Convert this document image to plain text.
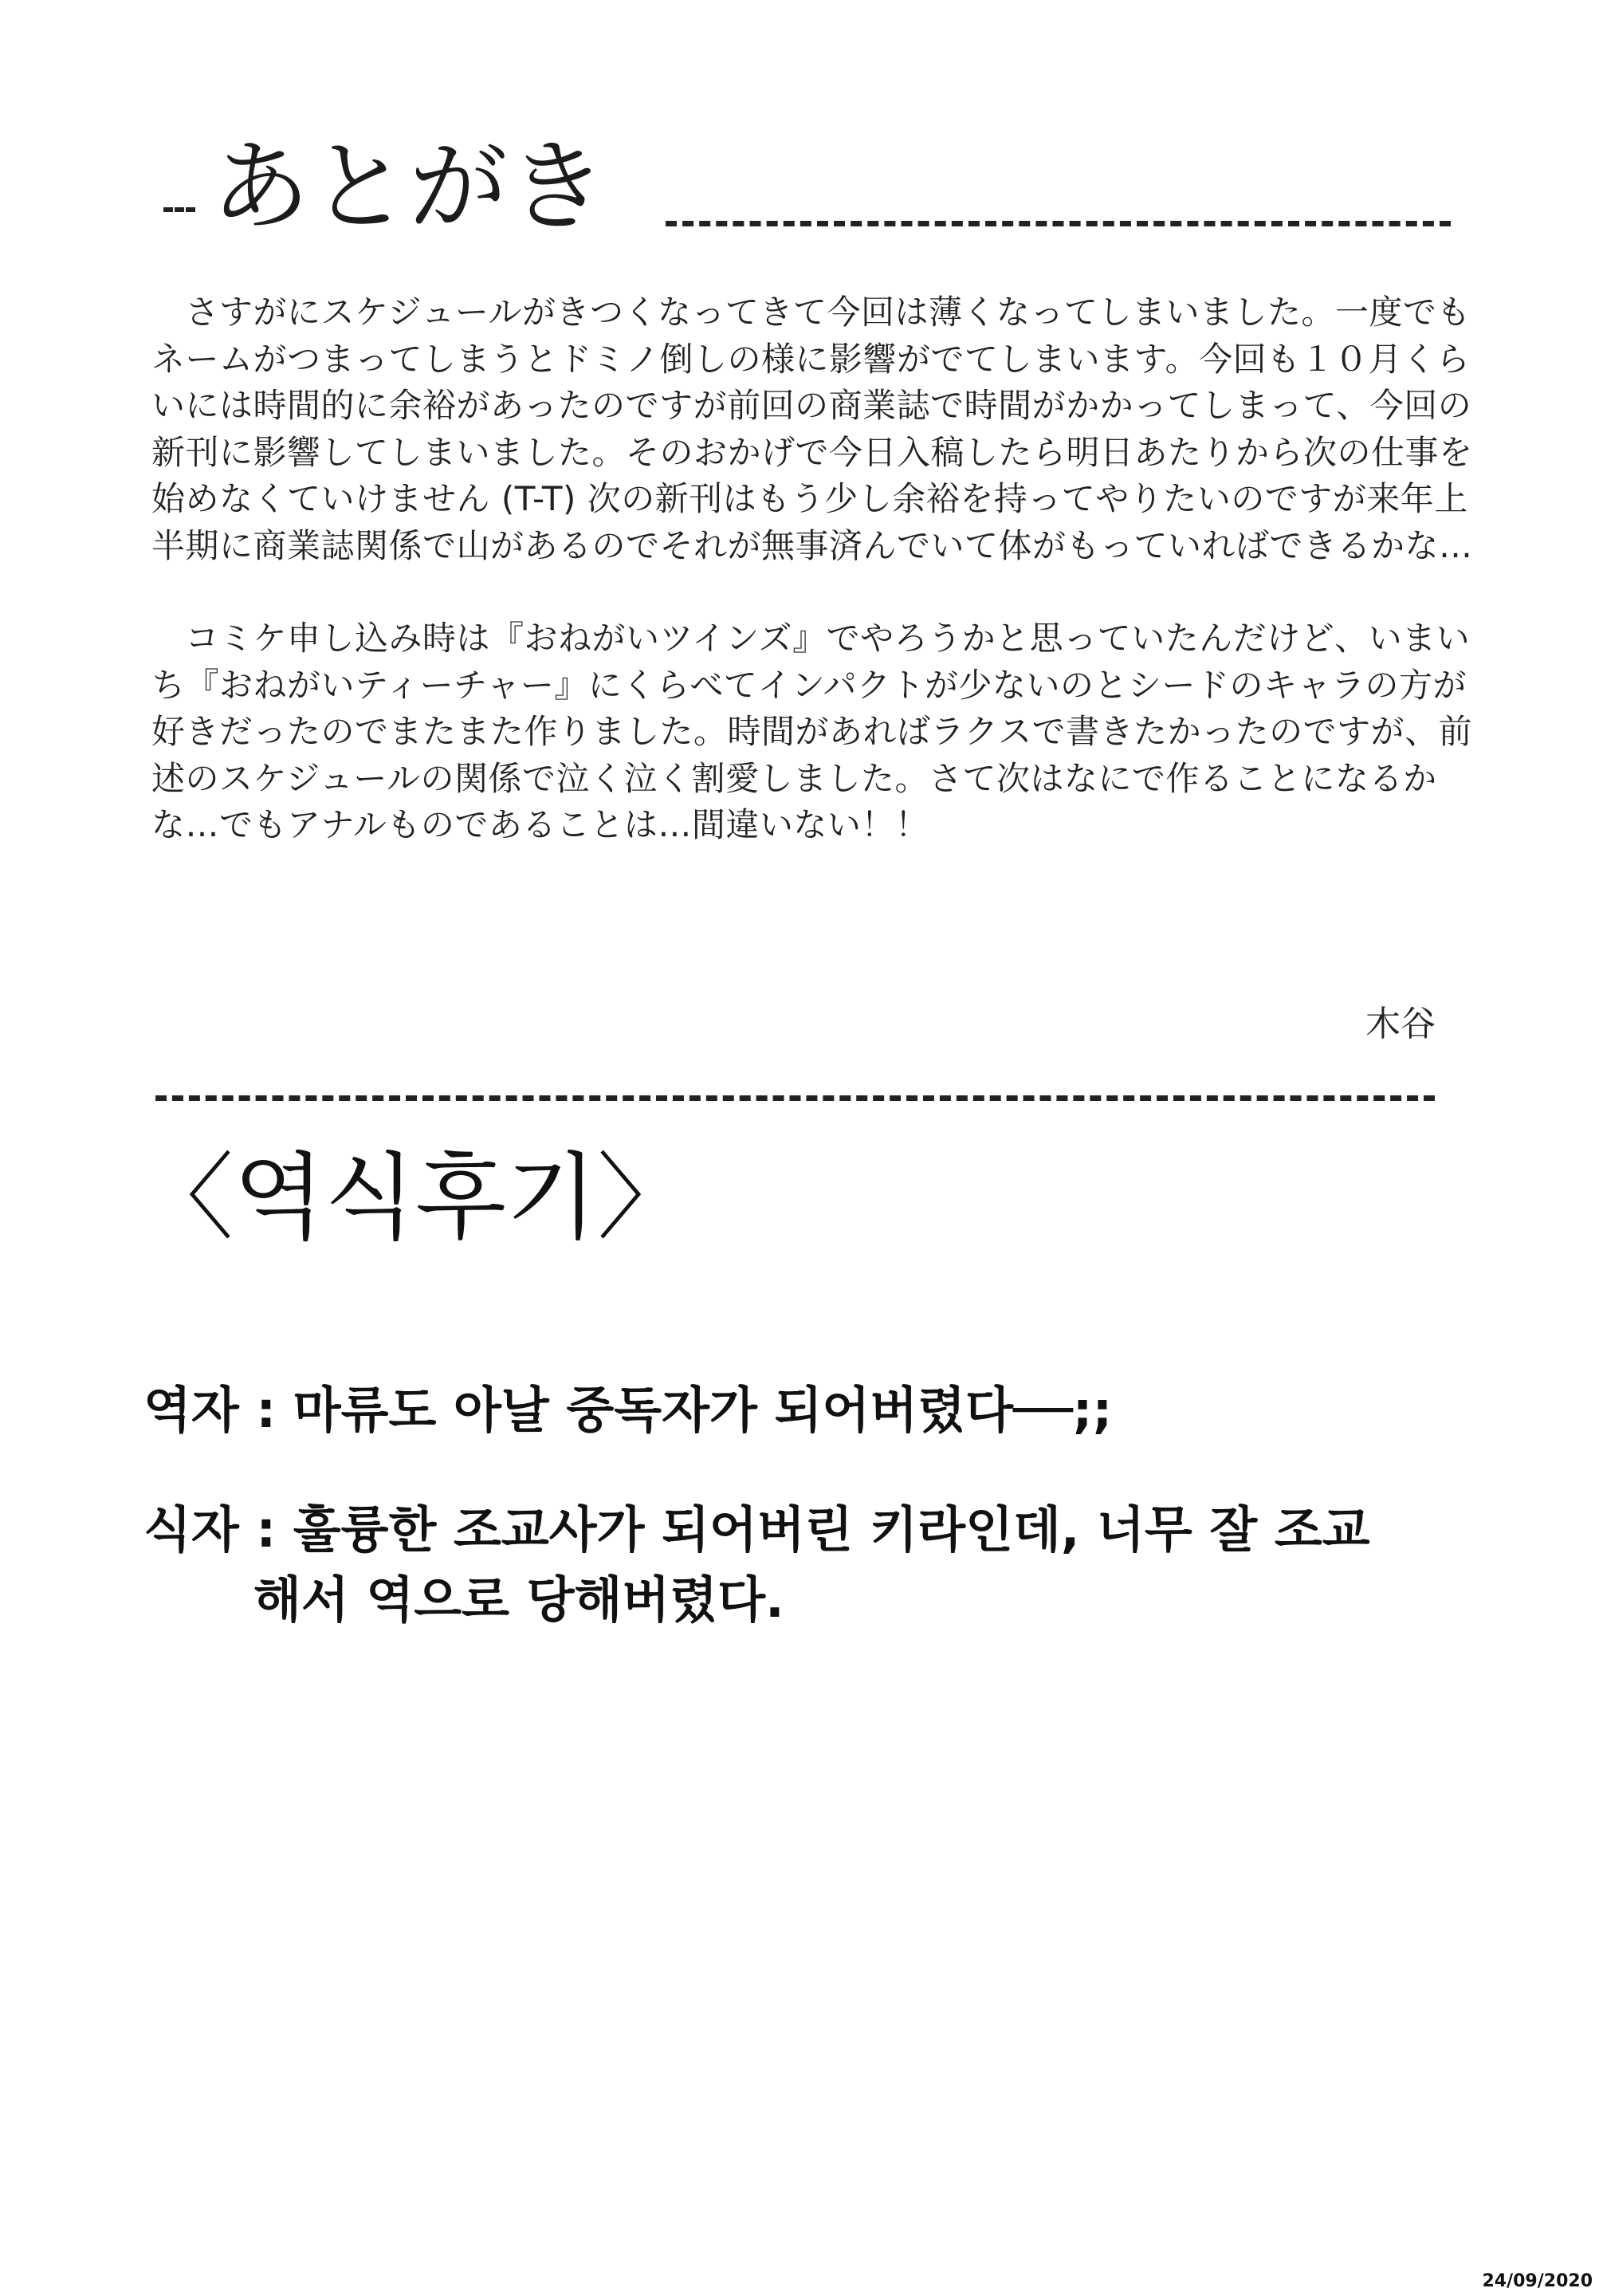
あとがき

　さすがにスケジュールがきつくなってきて今回は薄くなってしまいました。一度でもネームがつまってしまうとドミノ倒しの様に影響がでてしまいます。今回も１０月くらいには時間的に余裕があったのですが前回の商業誌で時間がかかってしまって、今回の新刊に影響してしまいました。そのおかげで今日入稿したら明日あたりから次の仕事を始めなくていけません (T-T) 次の新刊はもう少し余裕を持ってやりたいのですが来年上半期に商業誌関係で山があるのでそれが無事済んでいて体がもっていればできるかな…

　コミケ申し込み時は『おねがいツインズ』でやろうかと思っていたんだけど、いまいち『おねがいティーチャー』にくらべてインパクトが少ないのとシードのキャラの方が好きだったのでまたまた作りました。時間があればラクスで書きたかったのですが、前述のスケジュールの関係で泣く泣く割愛しました。さて次はなにで作ることになるかな…でもアナルものであることは…間違いない！！

木谷
〈역식후기〉

역자 : 마류도 아날 중독자가 되어버렸다──;;

식자 : 훌륭한 조교사가 되어버린 키라인데, 너무 잘 조교
해서 역으로 당해버렸다.

24/09/2020
